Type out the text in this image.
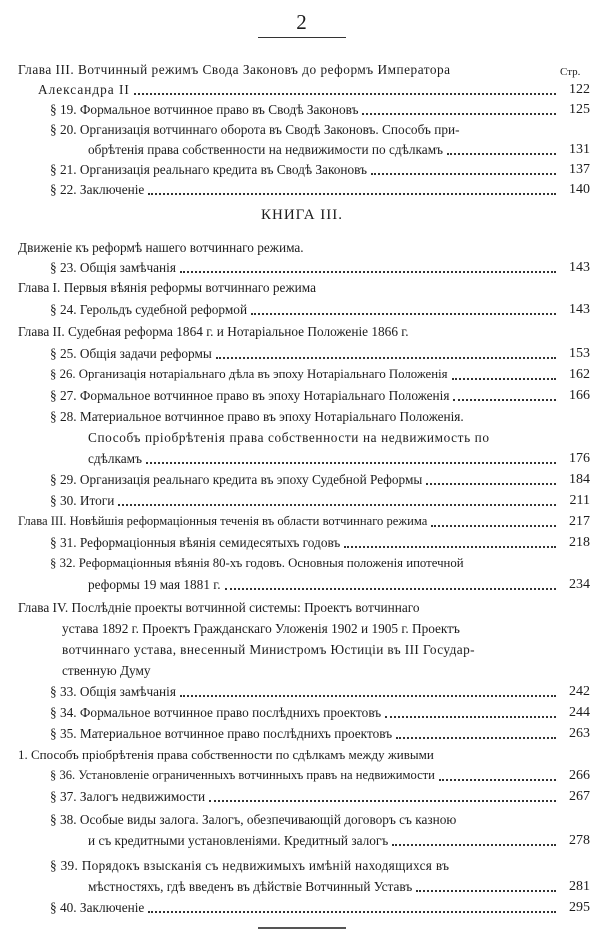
2
Стр.
Глава III. Вотчинный режимъ Свода Законовъ до реформъ Императора
Александра II	122
§ 19. Формальное вотчинное право въ Сводѣ Законовъ	125
§ 20. Организація вотчиннаго оборота въ Сводѣ Законовъ. Способъ при-
обрѣтенія права собственности на недвижимости по сдѣлкамъ	131
§ 21. Организація реальнаго кредита въ Сводѣ Законовъ	137
§ 22. Заключеніе	140
КНИГА III.
Движеніе къ реформѣ нашего вотчиннаго режима.
§ 23. Общія замѣчанія	143
Глава I. Первыя вѣянія реформы вотчиннаго режима
§ 24. Герольдъ судебной реформой	143
Глава II. Судебная реформа 1864 г. и Нотаріальное Положеніе 1866 г.
§ 25. Общія задачи реформы	153
§ 26. Организація нотаріальнаго дѣла въ эпоху Нотаріальнаго Положенія	162
§ 27. Формальное вотчинное право въ эпоху Нотаріальнаго Положенія	166
§ 28. Материальное вотчинное право въ эпоху Нотаріальнаго Положенія.
Способъ пріобрѣтенія права собственности на недвижимость по
сдѣлкамъ	176
§ 29. Организація реальнаго кредита въ эпоху Судебной Реформы	184
§ 30. Итоги	211
Глава III. Новѣйшія реформаціонныя теченія въ области вотчиннаго режима	217
§ 31. Реформаціонныя вѣянія семидесятыхъ годовъ	218
§ 32. Реформаціонныя вѣянія 80-хъ годовъ. Основныя положенія ипотечной
реформы 19 мая 1881 г.	234
Глава IV. Послѣдніе проекты вотчинной системы: Проектъ вотчиннаго
устава 1892 г. Проектъ Гражданскаго Уложенія 1902 и 1905 г. Проектъ
вотчиннаго устава, внесенный Министромъ Юстиціи въ III Государ-
ственную Думу
§ 33. Общія замѣчанія	242
§ 34. Формальное вотчинное право послѣднихъ проектовъ	244
§ 35. Материальное вотчинное право послѣднихъ проектовъ	263
1. Способъ пріобрѣтенія права собственности по сдѣлкамъ между живыми
§ 36. Установленіе ограниченныхъ вотчинныхъ правъ на недвижимости	266
§ 37. Залогъ недвижимости	267
§ 38. Особые виды залога. Залогъ, обезпечивающій договоръ съ казною
и съ кредитными установленіями. Кредитный залогъ	278
§ 39. Порядокъ взысканія съ недвижимыхъ имѣній находящихся въ
мѣстностяхъ, гдѣ введенъ въ дѣйствіе Вотчинный Уставъ	281
§ 40. Заключеніе	295
